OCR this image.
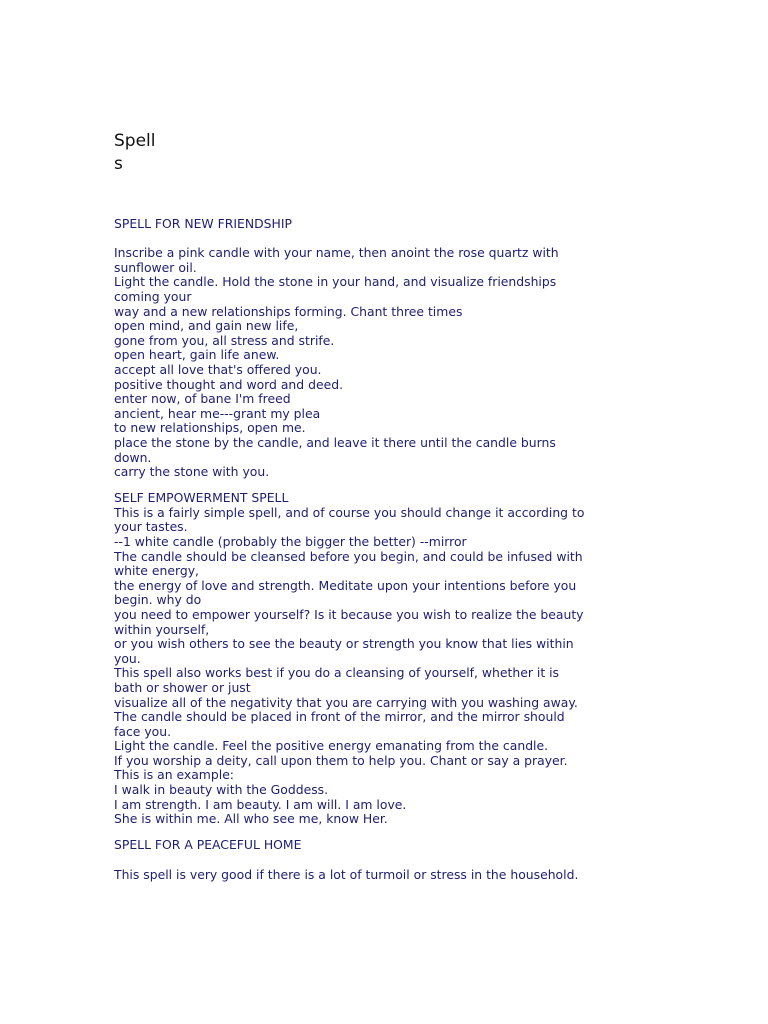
Spell
s
SPELL FOR NEW FRIENDSHIP
Inscribe a pink candle with your name, then anoint the rose quartz with
sunflower oil.
Light the candle. Hold the stone in your hand, and visualize friendships
coming your
way and a new relationships forming. Chant three times
open mind, and gain new life,
gone from you, all stress and strife.
open heart, gain life anew.
accept all love that's offered you.
positive thought and word and deed.
enter now, of bane I'm freed
ancient, hear me---grant my plea
to new relationships, open me.
place the stone by the candle, and leave it there until the candle burns
down.
carry the stone with you.
SELF EMPOWERMENT SPELL
This is a fairly simple spell, and of course you should change it according to
your tastes.
--1 white candle (probably the bigger the better) --mirror
The candle should be cleansed before you begin, and could be infused with
white energy,
the energy of love and strength. Meditate upon your intentions before you
begin. why do
you need to empower yourself? Is it because you wish to realize the beauty
within yourself,
or you wish others to see the beauty or strength you know that lies within
you.
This spell also works best if you do a cleansing of yourself, whether it is
bath or shower or just
visualize all of the negativity that you are carrying with you washing away.
The candle should be placed in front of the mirror, and the mirror should
face you.
Light the candle. Feel the positive energy emanating from the candle.
If you worship a deity, call upon them to help you. Chant or say a prayer.
This is an example:
I walk in beauty with the Goddess.
I am strength. I am beauty. I am will. I am love.
She is within me. All who see me, know Her.
SPELL FOR A PEACEFUL HOME
This spell is very good if there is a lot of turmoil or stress in the household.
